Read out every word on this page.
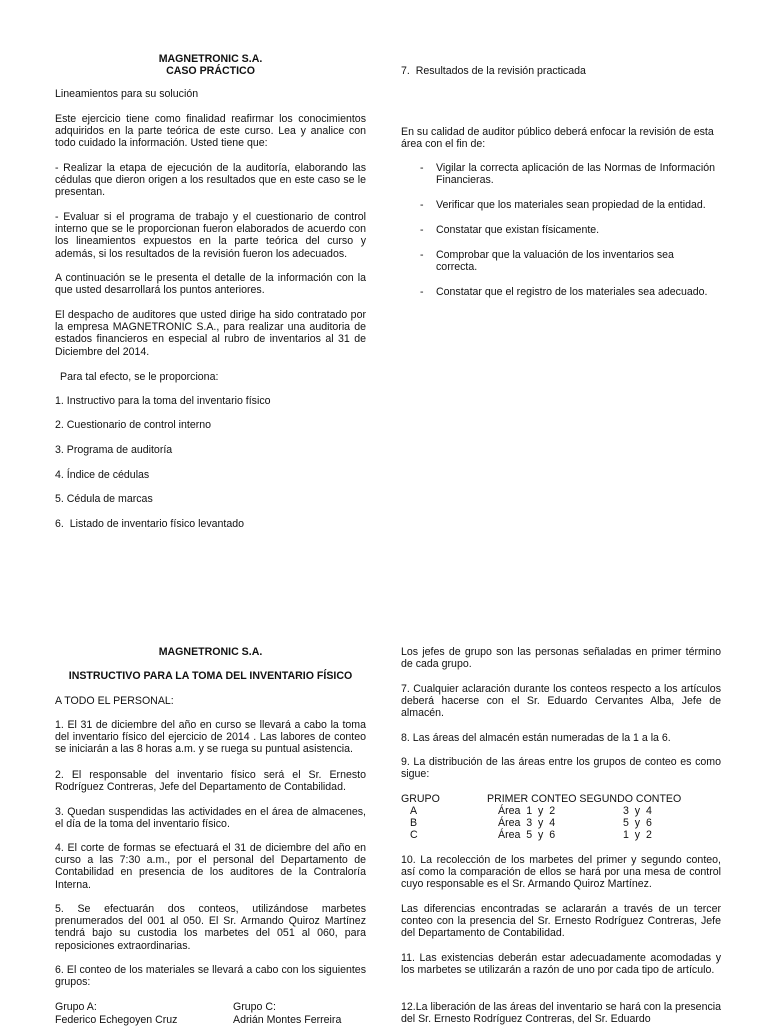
MAGNETRONIC S.A.

CASO PRÁCTICO

Lineamientos para su solución

Este ejercicio tiene como finalidad reafirmar los conocimientos adquiridos en la parte teórica de este curso. Lea y analice con todo cuidado la información. Usted tiene que:

- Realizar la etapa de ejecución de la auditoría, elaborando las cédulas que dieron origen a los resultados que en este caso se le presentan.

- Evaluar si el programa de trabajo y el cuestionario de control interno que se le proporcionan fueron elaborados de acuerdo con los lineamientos expuestos en la parte teórica del curso y además, si los resultados de la revisión fueron los adecuados.

A continuación se le presenta el detalle de la información con la que usted desarrollará los puntos anteriores.

El despacho de auditores que usted dirige ha sido contratado por la empresa MAGNETRONIC S.A., para realizar una auditoria de estados financieros en especial al rubro de inventarios al 31 de Diciembre del 2014.

Para tal efecto, se le proporciona:

1. Instructivo para la toma del inventario físico
2. Cuestionario de control interno
3. Programa de auditoría
4. Índice de cédulas
5. Cédula de marcas
6.  Listado de inventario físico levantado
7.  Resultados de la revisión practicada

En su calidad de auditor público deberá enfocar la revisión de esta área con el fin de:

- Vigilar la correcta aplicación de las Normas de Información Financieras.
- Verificar que los materiales sean propiedad de la entidad.
- Constatar que existan físicamente.
- Comprobar que la valuación de los inventarios sea correcta.
- Constatar que el registro de los materiales sea adecuado.

MAGNETRONIC S.A.

INSTRUCTIVO PARA LA TOMA DEL INVENTARIO FÍSICO

A TODO EL PERSONAL:

1. El 31 de diciembre del año en curso se llevará a cabo la toma del inventario físico del ejercicio de 2014 . Las labores de conteo se iniciarán a las 8 horas a.m. y se ruega su puntual asistencia.

2. El responsable del inventario físico será el Sr. Ernesto Rodríguez Contreras, Jefe del Departamento de Contabilidad.

3. Quedan suspendidas las actividades en el área de almacenes, el día de la toma del inventario físico.

4. El corte de formas se efectuará el 31 de diciembre del año en curso a las 7:30 a.m., por el personal del Departamento de Contabilidad en presencia de los auditores de la Contraloría Interna.

5. Se efectuarán dos conteos, utilizándose marbetes prenumerados del 001 al 050. El Sr. Armando Quiroz Martínez tendrá bajo su custodia los marbetes del 051 al 060, para reposiciones extraordinarias.

6. El conteo de los materiales se llevará a cabo con los siguientes grupos:

Grupo A:
Federico Echegoyen Cruz
Grupo C:
Adrián Montes Ferreira

Los jefes de grupo son las personas señaladas en primer término de cada grupo.

7. Cualquier aclaración durante los conteos respecto a los artículos deberá hacerse con el Sr. Eduardo Cervantes Alba, Jefe de almacén.

8. Las áreas del almacén están numeradas de la 1 a la 6.

9. La distribución de las áreas entre los grupos de conteo es como sigue:

GRUPO	PRIMER CONTEO SEGUNDO CONTEO
A	Área  1  y  2	3  y  4
B	Área  3  y  4	5  y  6
C	Área  5  y  6	1  y  2

10. La recolección de los marbetes del primer y segundo conteo, así como la comparación de ellos se hará por una mesa de control cuyo responsable es el Sr. Armando Quiroz Martínez.

Las diferencias encontradas se aclararán a través de un tercer conteo con la presencia del Sr. Ernesto Rodríguez Contreras, Jefe del Departamento de Contabilidad.

11. Las existencias deberán estar adecuadamente acomodadas y los marbetes se utilizarán a razón de uno por cada tipo de artículo.

12.La liberación de las áreas del inventario se hará con la presencia del Sr. Ernesto Rodríguez Contreras, del Sr. Eduardo
